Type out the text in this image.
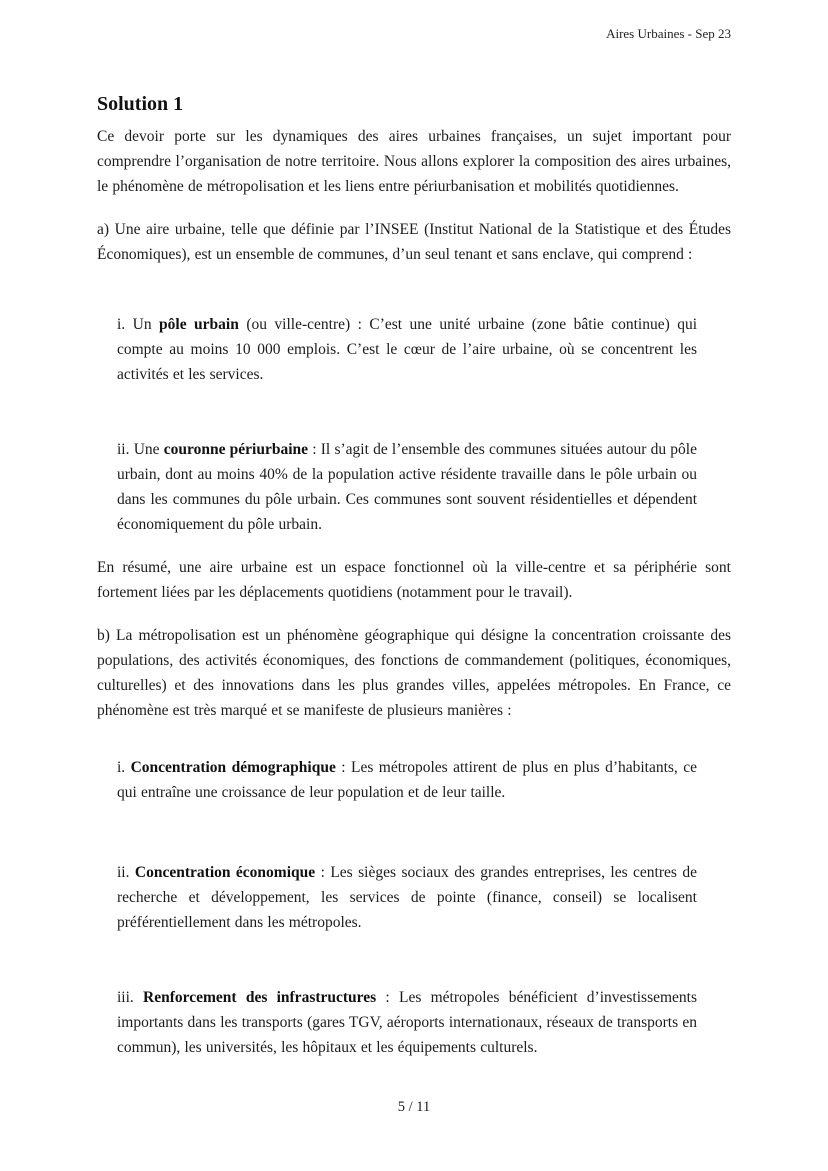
Aires Urbaines - Sep 23
Solution 1

Ce devoir porte sur les dynamiques des aires urbaines françaises, un sujet important pour comprendre l’organisation de notre territoire. Nous allons explorer la composition des aires urbaines, le phénomène de métropolisation et les liens entre périurbanisation et mobilités quotidiennes.

a) Une aire urbaine, telle que définie par l’INSEE (Institut National de la Statistique et des Études Économiques), est un ensemble de communes, d’un seul tenant et sans enclave, qui comprend :

i. Un pôle urbain (ou ville-centre) : C’est une unité urbaine (zone bâtie continue) qui compte au moins 10 000 emplois. C’est le cœur de l’aire urbaine, où se concentrent les activités et les services.
ii. Une couronne périurbaine : Il s’agit de l’ensemble des communes situées autour du pôle urbain, dont au moins 40% de la population active résidente travaille dans le pôle urbain ou dans les communes du pôle urbain. Ces communes sont souvent résidentielles et dépendent économiquement du pôle urbain.

En résumé, une aire urbaine est un espace fonctionnel où la ville-centre et sa périphérie sont fortement liées par les déplacements quotidiens (notamment pour le travail).

b) La métropolisation est un phénomène géographique qui désigne la concentration croissante des populations, des activités économiques, des fonctions de commandement (politiques, économiques, culturelles) et des innovations dans les plus grandes villes, appelées métropoles. En France, ce phénomène est très marqué et se manifeste de plusieurs manières :

i. Concentration démographique : Les métropoles attirent de plus en plus d’habitants, ce qui entraîne une croissance de leur population et de leur taille.
ii. Concentration économique : Les sièges sociaux des grandes entreprises, les centres de recherche et développement, les services de pointe (finance, conseil) se localisent préférentiellement dans les métropoles.
iii. Renforcement des infrastructures : Les métropoles bénéficient d’investissements importants dans les transports (gares TGV, aéroports internationaux, réseaux de transports en commun), les universités, les hôpitaux et les équipements culturels.
5 / 11
